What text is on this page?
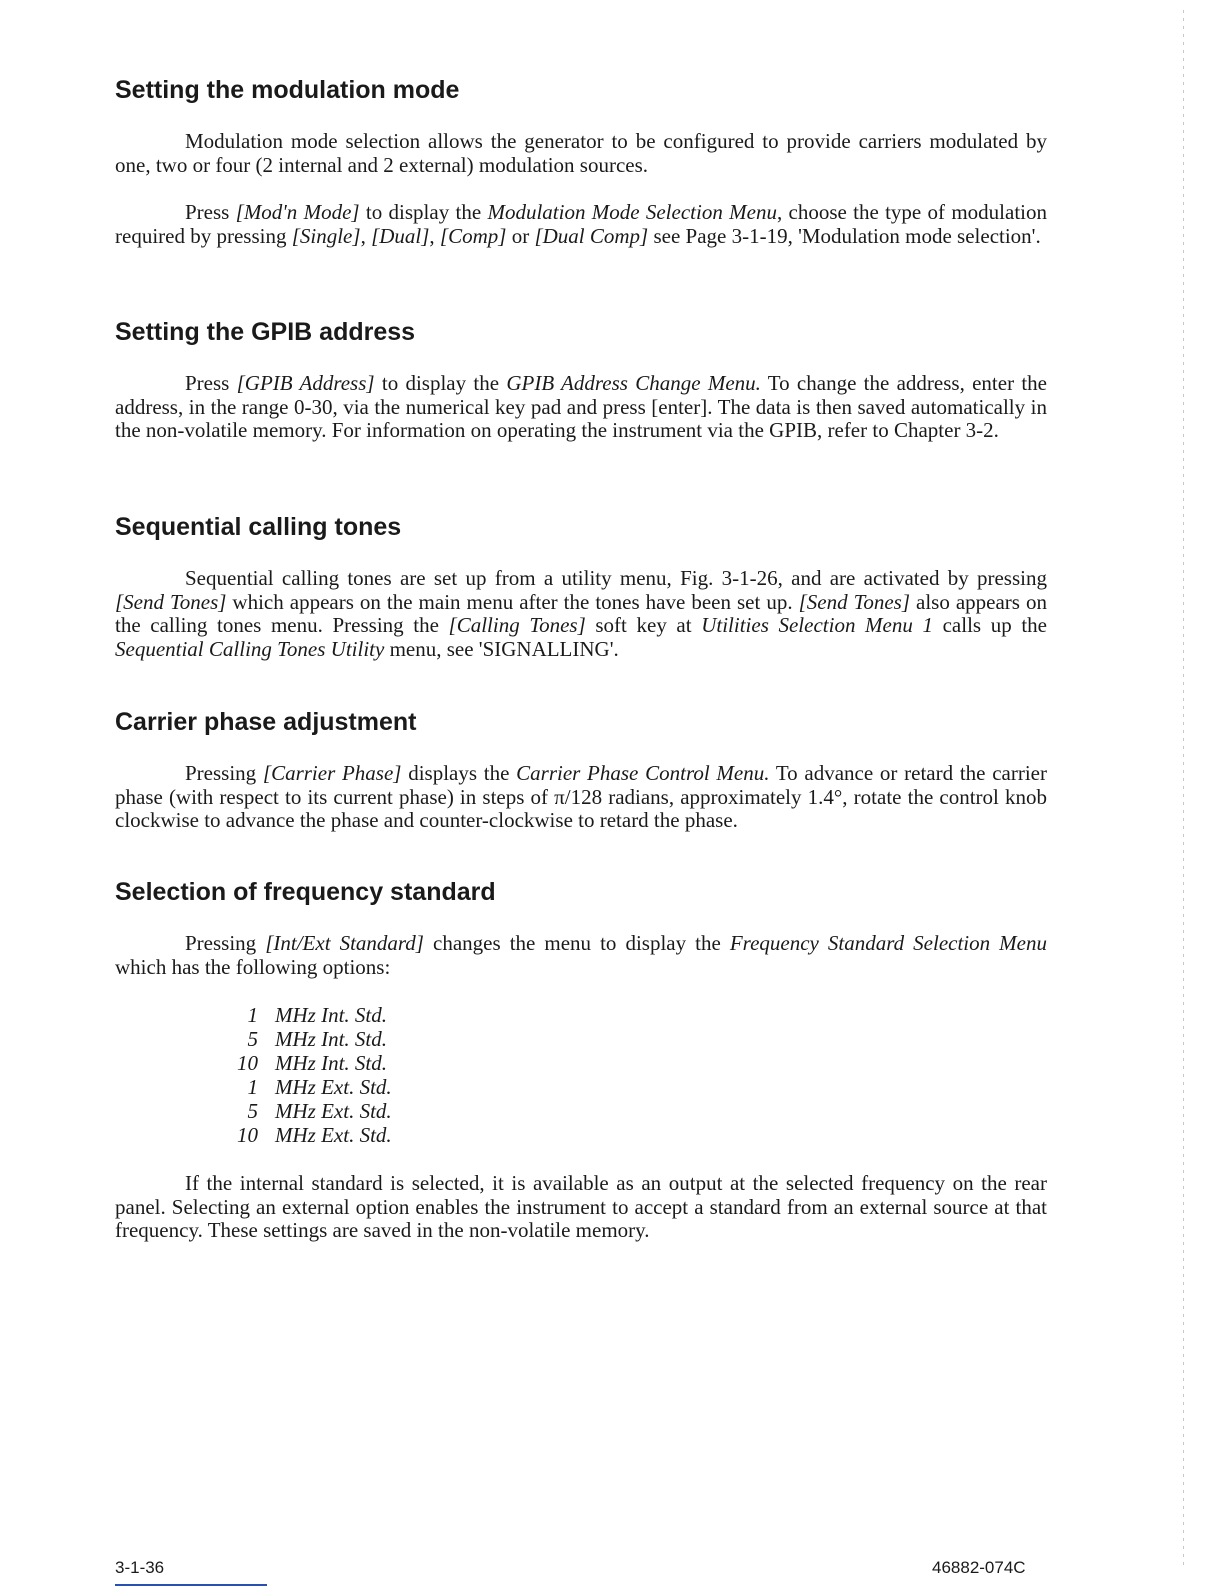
Setting the modulation mode

Modulation mode selection allows the generator to be configured to provide carriers modulated by one, two or four (2 internal and 2 external) modulation sources.

Press [Mod'n Mode] to display the Modulation Mode Selection Menu, choose the type of modulation required by pressing [Single], [Dual], [Comp] or [Dual Comp] see Page 3-1-19, 'Modulation mode selection'.

Setting the GPIB address

Press [GPIB Address] to display the GPIB Address Change Menu. To change the address, enter the address, in the range 0-30, via the numerical key pad and press [enter]. The data is then saved automatically in the non-volatile memory. For information on operating the instrument via the GPIB, refer to Chapter 3-2.

Sequential calling tones

Sequential calling tones are set up from a utility menu, Fig. 3-1-26, and are activated by pressing [Send Tones] which appears on the main menu after the tones have been set up. [Send Tones] also appears on the calling tones menu. Pressing the [Calling Tones] soft key at Utilities Selection Menu 1 calls up the Sequential Calling Tones Utility menu, see 'SIGNALLING'.

Carrier phase adjustment

Pressing [Carrier Phase] displays the Carrier Phase Control Menu. To advance or retard the carrier phase (with respect to its current phase) in steps of π/128 radians, approximately 1.4°, rotate the control knob clockwise to advance the phase and counter-clockwise to retard the phase.

Selection of frequency standard

Pressing [Int/Ext Standard] changes the menu to display the Frequency Standard Selection Menu which has the following options:

1 MHz Int. Std.
5 MHz Int. Std.
10 MHz Int. Std.
1 MHz Ext. Std.
5 MHz Ext. Std.
10 MHz Ext. Std.

If the internal standard is selected, it is available as an output at the selected frequency on the rear panel. Selecting an external option enables the instrument to accept a standard from an external source at that frequency. These settings are saved in the non-volatile memory.

3-1-36	46882-074C
